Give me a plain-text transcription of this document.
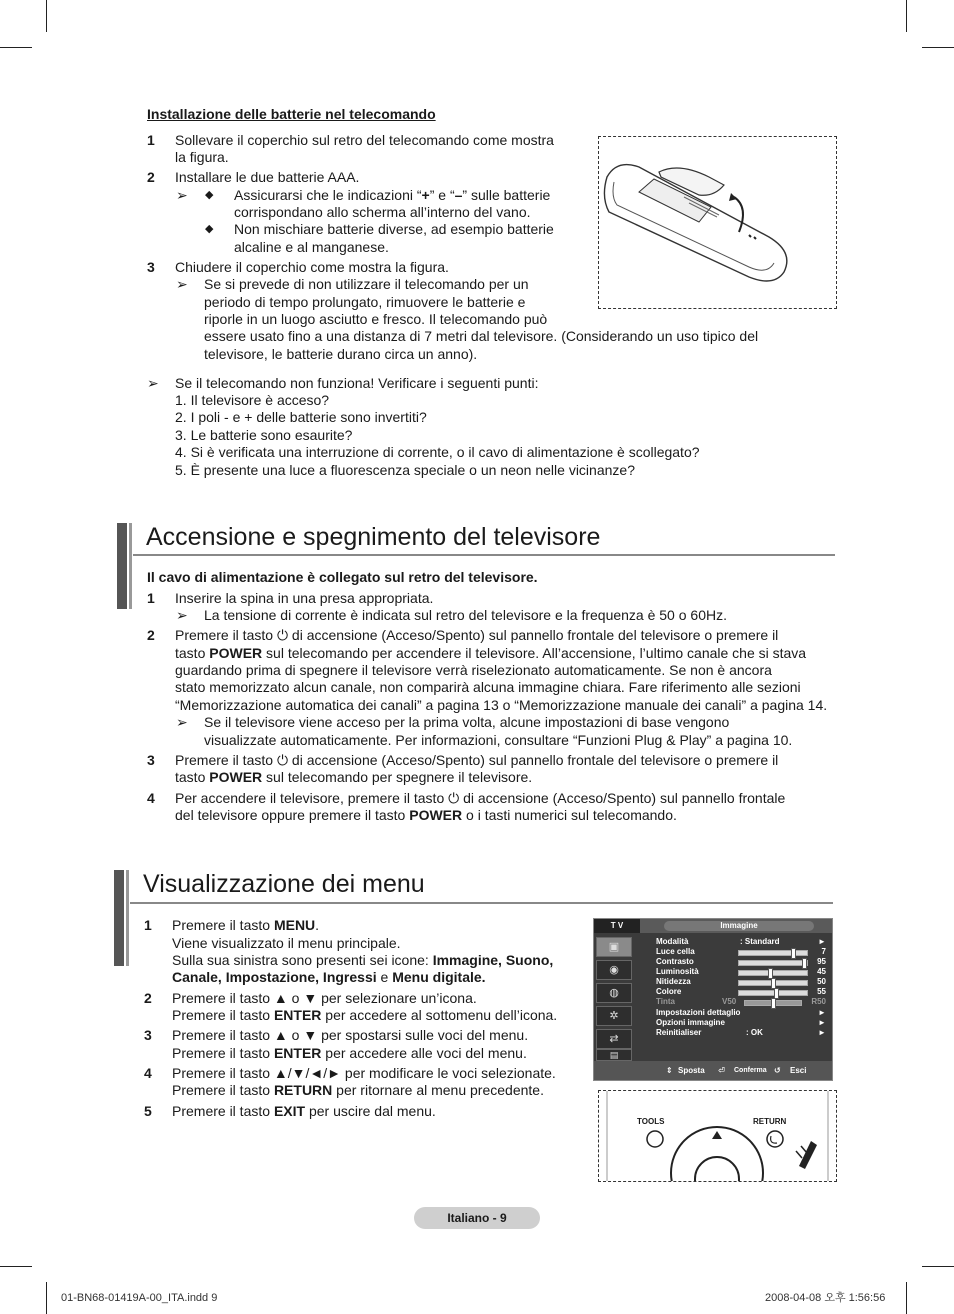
Installazione delle batterie nel telecomando
1 Sollevare il coperchio sul retro del telecomando come mostra
la figura.
2 Installare le due batterie AAA.
➢ ◆ Assicurarsi che le indicazioni “+” e “–” sulle batterie
corrispondano allo scherma all’interno del vano.
◆ Non mischiare batterie diverse, ad esempio batterie
alcaline e al manganese.
3 Chiudere il coperchio come mostra la figura.
➢ Se si prevede di non utilizzare il telecomando per un
periodo di tempo prolungato, rimuovere le batterie e
riporle in un luogo asciutto e fresco. Il telecomando può
essere usato fino a una distanza di 7 metri dal televisore. (Considerando un uso tipico del
televisore, le batterie durano circa un anno).
➢ Se il telecomando non funziona! Verificare i seguenti punti:
1. Il televisore è acceso?
2. I poli - e + delle batterie sono invertiti?
3. Le batterie sono esaurite?
4. Si è verificata una interruzione di corrente, o il cavo di alimentazione è scollegato?
5. È presente una luce a fluorescenza speciale o un neon nelle vicinanze?
Accensione e spegnimento del televisore
Il cavo di alimentazione è collegato sul retro del televisore.
1 Inserire la spina in una presa appropriata.
➢ La tensione di corrente è indicata sul retro del televisore e la frequenza è 50 o 60Hz.
2 Premere il tasto ⏻ di accensione (Acceso/Spento) sul pannello frontale del televisore o premere il
tasto POWER sul telecomando per accendere il televisore. All’accensione, l’ultimo canale che si stava
guardando prima di spegnere il televisore verrà riselezionato automaticamente. Se non è ancora
stato memorizzato alcun canale, non comparirà alcuna immagine chiara. Fare riferimento alle sezioni
“Memorizzazione automatica dei canali” a pagina 13 o “Memorizzazione manuale dei canali” a pagina 14.
➢ Se il televisore viene acceso per la prima volta, alcune impostazioni di base vengono
visualizzate automaticamente. Per informazioni, consultare “Funzioni Plug & Play” a pagina 10.
3 Premere il tasto ⏻ di accensione (Acceso/Spento) sul pannello frontale del televisore o premere il
tasto POWER sul telecomando per spegnere il televisore.
4 Per accendere il televisore, premere il tasto ⏻ di accensione (Acceso/Spento) sul pannello frontale
del televisore oppure premere il tasto POWER o i tasti numerici sul telecomando.
Visualizzazione dei menu
1 Premere il tasto MENU.
Viene visualizzato il menu principale.
Sulla sua sinistra sono presenti sei icone: Immagine, Suono,
Canale, Impostazione, Ingressi e Menu digitale.
2 Premere il tasto ▲ o ▼ per selezionare un’icona.
Premere il tasto ENTER per accedere al sottomenu dell’icona.
3 Premere il tasto ▲ o ▼ per spostarsi sulle voci del menu.
Premere il tasto ENTER per accedere alle voci del menu.
4 Premere il tasto ▲/▼/◄/► per modificare le voci selezionate.
Premere il tasto RETURN per ritornare al menu precedente.
5 Premere il tasto EXIT per uscire dal menu.
T V	Immagine
▣
◉
◍
✲
⇄
▤
Modalità	: Standard	►
Luce cella	7
Contrasto	95
Luminosità	45
Nitidezza	50
Colore	55
Tinta	V50	R50
Impostazioni dettaglio	►
Opzioni immagine	►
Reinitialiser	: OK	►
⇕ Sposta ⏎ Conferma ↺ Esci
TOOLS	RETURN
Italiano - 9
01-BN68-01419A-00_ITA.indd 9	2008-04-08 오후 1:56:56
